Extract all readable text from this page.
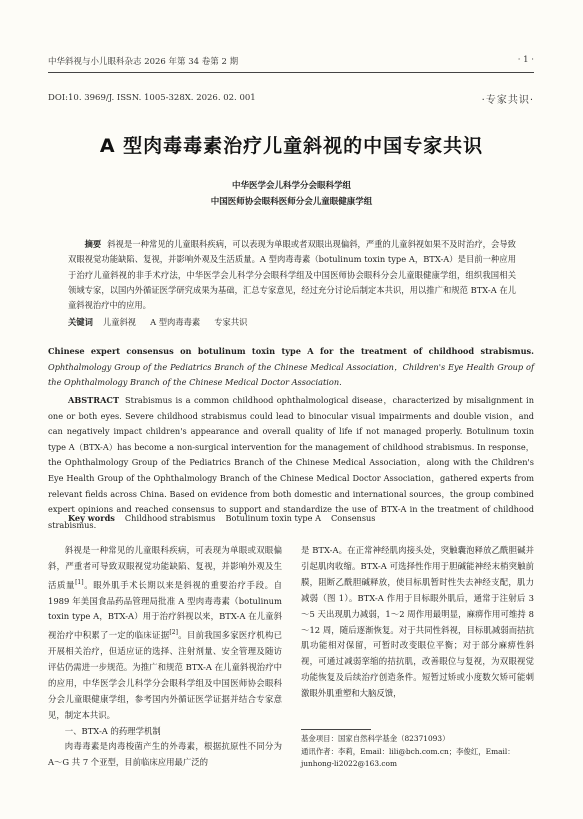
中华斜视与小儿眼科杂志 2026 年第 34 卷第 2 期	· 1 ·
DOI:10. 3969/J. ISSN. 1005-328X. 2026. 02. 001	·专家共识·
A 型肉毒毒素治疗儿童斜视的中国专家共识
中华医学会儿科学分会眼科学组
中国医师协会眼科医师分会儿童眼健康学组
摘要 斜视是一种常见的儿童眼科疾病，可以表现为单眼或者双眼出现偏斜，严重的儿童斜视如果不及时治疗，会导致双眼视觉功能缺陷、复视，并影响外观及生活质量。A 型肉毒毒素（botulinum toxin type A，BTX-A）是目前一种应用于治疗儿童斜视的非手术疗法，中华医学会儿科学分会眼科学组及中国医师协会眼科分会儿童眼健康学组，组织我国相关领域专家，以国内外循证医学研究成果为基础，汇总专家意见，经过充分讨论后制定本共识，用以推广和规范 BTX-A 在儿童斜视治疗中的应用。
关键词 儿童斜视 A 型肉毒毒素 专家共识
Chinese expert consensus on botulinum toxin type A for the treatment of childhood strabismus. Ophthalmology Group of the Pediatrics Branch of the Chinese Medical Association，Children's Eye Health Group of the Ophthalmology Branch of the Chinese Medical Doctor Association.
ABSTRACT Strabismus is a common childhood ophthalmological disease，characterized by misalignment in one or both eyes. Severe childhood strabismus could lead to binocular visual impairments and double vision，and can negatively impact children's appearance and overall quality of life if not managed properly. Botulinum toxin type A（BTX-A）has become a non-surgical intervention for the management of childhood strabismus. In response，the Ophthalmology Group of the Pediatrics Branch of the Chinese Medical Association，along with the Children's Eye Health Group of the Ophthalmology Branch of the Chinese Medical Doctor Association，gathered experts from relevant fields across China. Based on evidence from both domestic and international sources，the group combined expert opinions and reached consensus to support and standardize the use of BTX-A in the treatment of childhood strabismus.
Key words Childhood strabismus Botulinum toxin type A Consensus
斜视是一种常见的儿童眼科疾病，可表现为单眼或双眼偏斜，严重者可导致双眼视觉功能缺陷、复视，并影响外观及生活质量[1]。眼外肌手术长期以来是斜视的重要治疗手段。自 1989 年美国食品药品管理局批准 A 型肉毒毒素（botulinum toxin type A，BTX-A）用于治疗斜视以来，BTX-A 在儿童斜视治疗中积累了一定的临床证据[2]。目前我国多家医疗机构已开展相关治疗，但适应证的选择、注射剂量、安全管理及随访评估仍需进一步规范。为推广和规范 BTX-A 在儿童斜视治疗中的应用，中华医学会儿科学分会眼科学组及中国医师协会眼科分会儿童眼健康学组，参考国内外循证医学证据并结合专家意见，制定本共识。
一、BTX-A 的药理学机制
肉毒毒素是肉毒梭菌产生的外毒素，根据抗原性不同分为 A～G 共 7 个亚型，目前临床应用最广泛的
是 BTX-A。在正常神经肌肉接头处，突触囊泡释放乙酰胆碱并引起肌肉收缩。BTX-A 可选择性作用于胆碱能神经末梢突触前膜，阻断乙酰胆碱释放，使目标肌暂时性失去神经支配，肌力减弱（图 1）。BTX-A 作用于目标眼外肌后，通常于注射后 3～5 天出现肌力减弱，1～2 周作用最明显，麻痹作用可维持 8～12 周，随后逐渐恢复。对于共同性斜视，目标肌减弱而拮抗肌功能相对保留，可暂时改变眼位平衡；对于部分麻痹性斜视，可通过减弱挛缩的拮抗肌，改善眼位与复视，为双眼视觉功能恢复及后续治疗创造条件。短暂过矫或小度数欠矫可能刺激眼外肌重塑和大脑反馈，
基金项目：国家自然科学基金（82371093）
通讯作者：李莉，Email：lili@bch.com.cn；李俊红，Email：junhong-li2022@163.com
